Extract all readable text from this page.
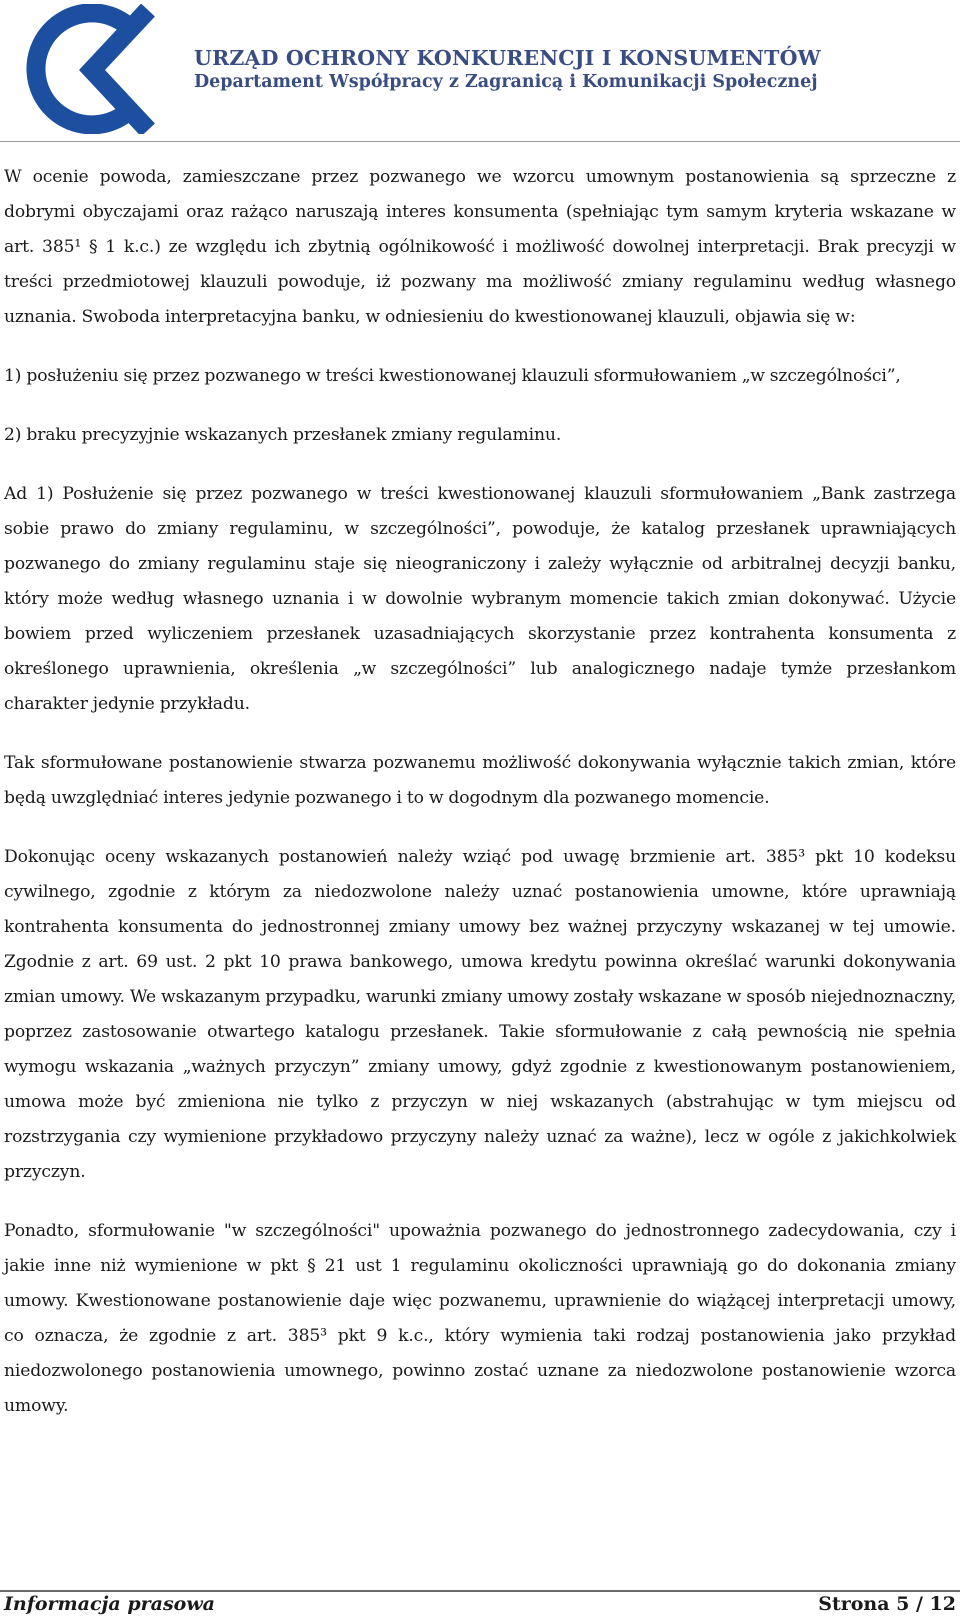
URZĄD OCHRONY KONKURENCJI I KONSUMENTÓW
Departament Współpracy z Zagranicą i Komunikacji Społecznej

W ocenie powoda, zamieszczane przez pozwanego we wzorcu umownym postanowienia są sprzeczne z dobrymi obyczajami oraz rażąco naruszają interes konsumenta (spełniając tym samym kryteria wskazane w art. 385¹ § 1 k.c.) ze względu ich zbytnią ogólnikowość i możliwość dowolnej interpretacji. Brak precyzji w treści przedmiotowej klauzuli powoduje, iż pozwany ma możliwość zmiany regulaminu według własnego uznania. Swoboda interpretacyjna banku, w odniesieniu do kwestionowanej klauzuli, objawia się w:

1) posłużeniu się przez pozwanego w treści kwestionowanej klauzuli sformułowaniem „w szczególności”,

2) braku precyzyjnie wskazanych przesłanek zmiany regulaminu.

Ad 1) Posłużenie się przez pozwanego w treści kwestionowanej klauzuli sformułowaniem „Bank zastrzega sobie prawo do zmiany regulaminu, w szczególności”, powoduje, że katalog przesłanek uprawniających pozwanego do zmiany regulaminu staje się nieograniczony i zależy wyłącznie od arbitralnej decyzji banku, który może według własnego uznania i w dowolnie wybranym momencie takich zmian dokonywać. Użycie bowiem przed wyliczeniem przesłanek uzasadniających skorzystanie przez kontrahenta konsumenta z określonego uprawnienia, określenia „w szczególności” lub analogicznego nadaje tymże przesłankom charakter jedynie przykładu.

Tak sformułowane postanowienie stwarza pozwanemu możliwość dokonywania wyłącznie takich zmian, które będą uwzględniać interes jedynie pozwanego i to w dogodnym dla pozwanego momencie.

Dokonując oceny wskazanych postanowień należy wziąć pod uwagę brzmienie art. 385³ pkt 10 kodeksu cywilnego, zgodnie z którym za niedozwolone należy uznać postanowienia umowne, które uprawniają kontrahenta konsumenta do jednostronnej zmiany umowy bez ważnej przyczyny wskazanej w tej umowie. Zgodnie z art. 69 ust. 2 pkt 10 prawa bankowego, umowa kredytu powinna określać warunki dokonywania zmian umowy. We wskazanym przypadku, warunki zmiany umowy zostały wskazane w sposób niejednoznaczny, poprzez zastosowanie otwartego katalogu przesłanek. Takie sformułowanie z całą pewnością nie spełnia wymogu wskazania „ważnych przyczyn” zmiany umowy, gdyż zgodnie z kwestionowanym postanowieniem, umowa może być zmieniona nie tylko z przyczyn w niej wskazanych (abstrahując w tym miejscu od rozstrzygania czy wymienione przykładowo przyczyny należy uznać za ważne), lecz w ogóle z jakichkolwiek przyczyn.

Ponadto, sformułowanie "w szczególności" upoważnia pozwanego do jednostronnego zadecydowania, czy i jakie inne niż wymienione w pkt § 21 ust 1 regulaminu okoliczności uprawniają go do dokonania zmiany umowy. Kwestionowane postanowienie daje więc pozwanemu, uprawnienie do wiążącej interpretacji umowy, co oznacza, że zgodnie z art. 385³ pkt 9 k.c., który wymienia taki rodzaj postanowienia jako przykład niedozwolonego postanowienia umownego, powinno zostać uznane za niedozwolone postanowienie wzorca umowy.

Informacja prasowa	Strona 5 / 12
